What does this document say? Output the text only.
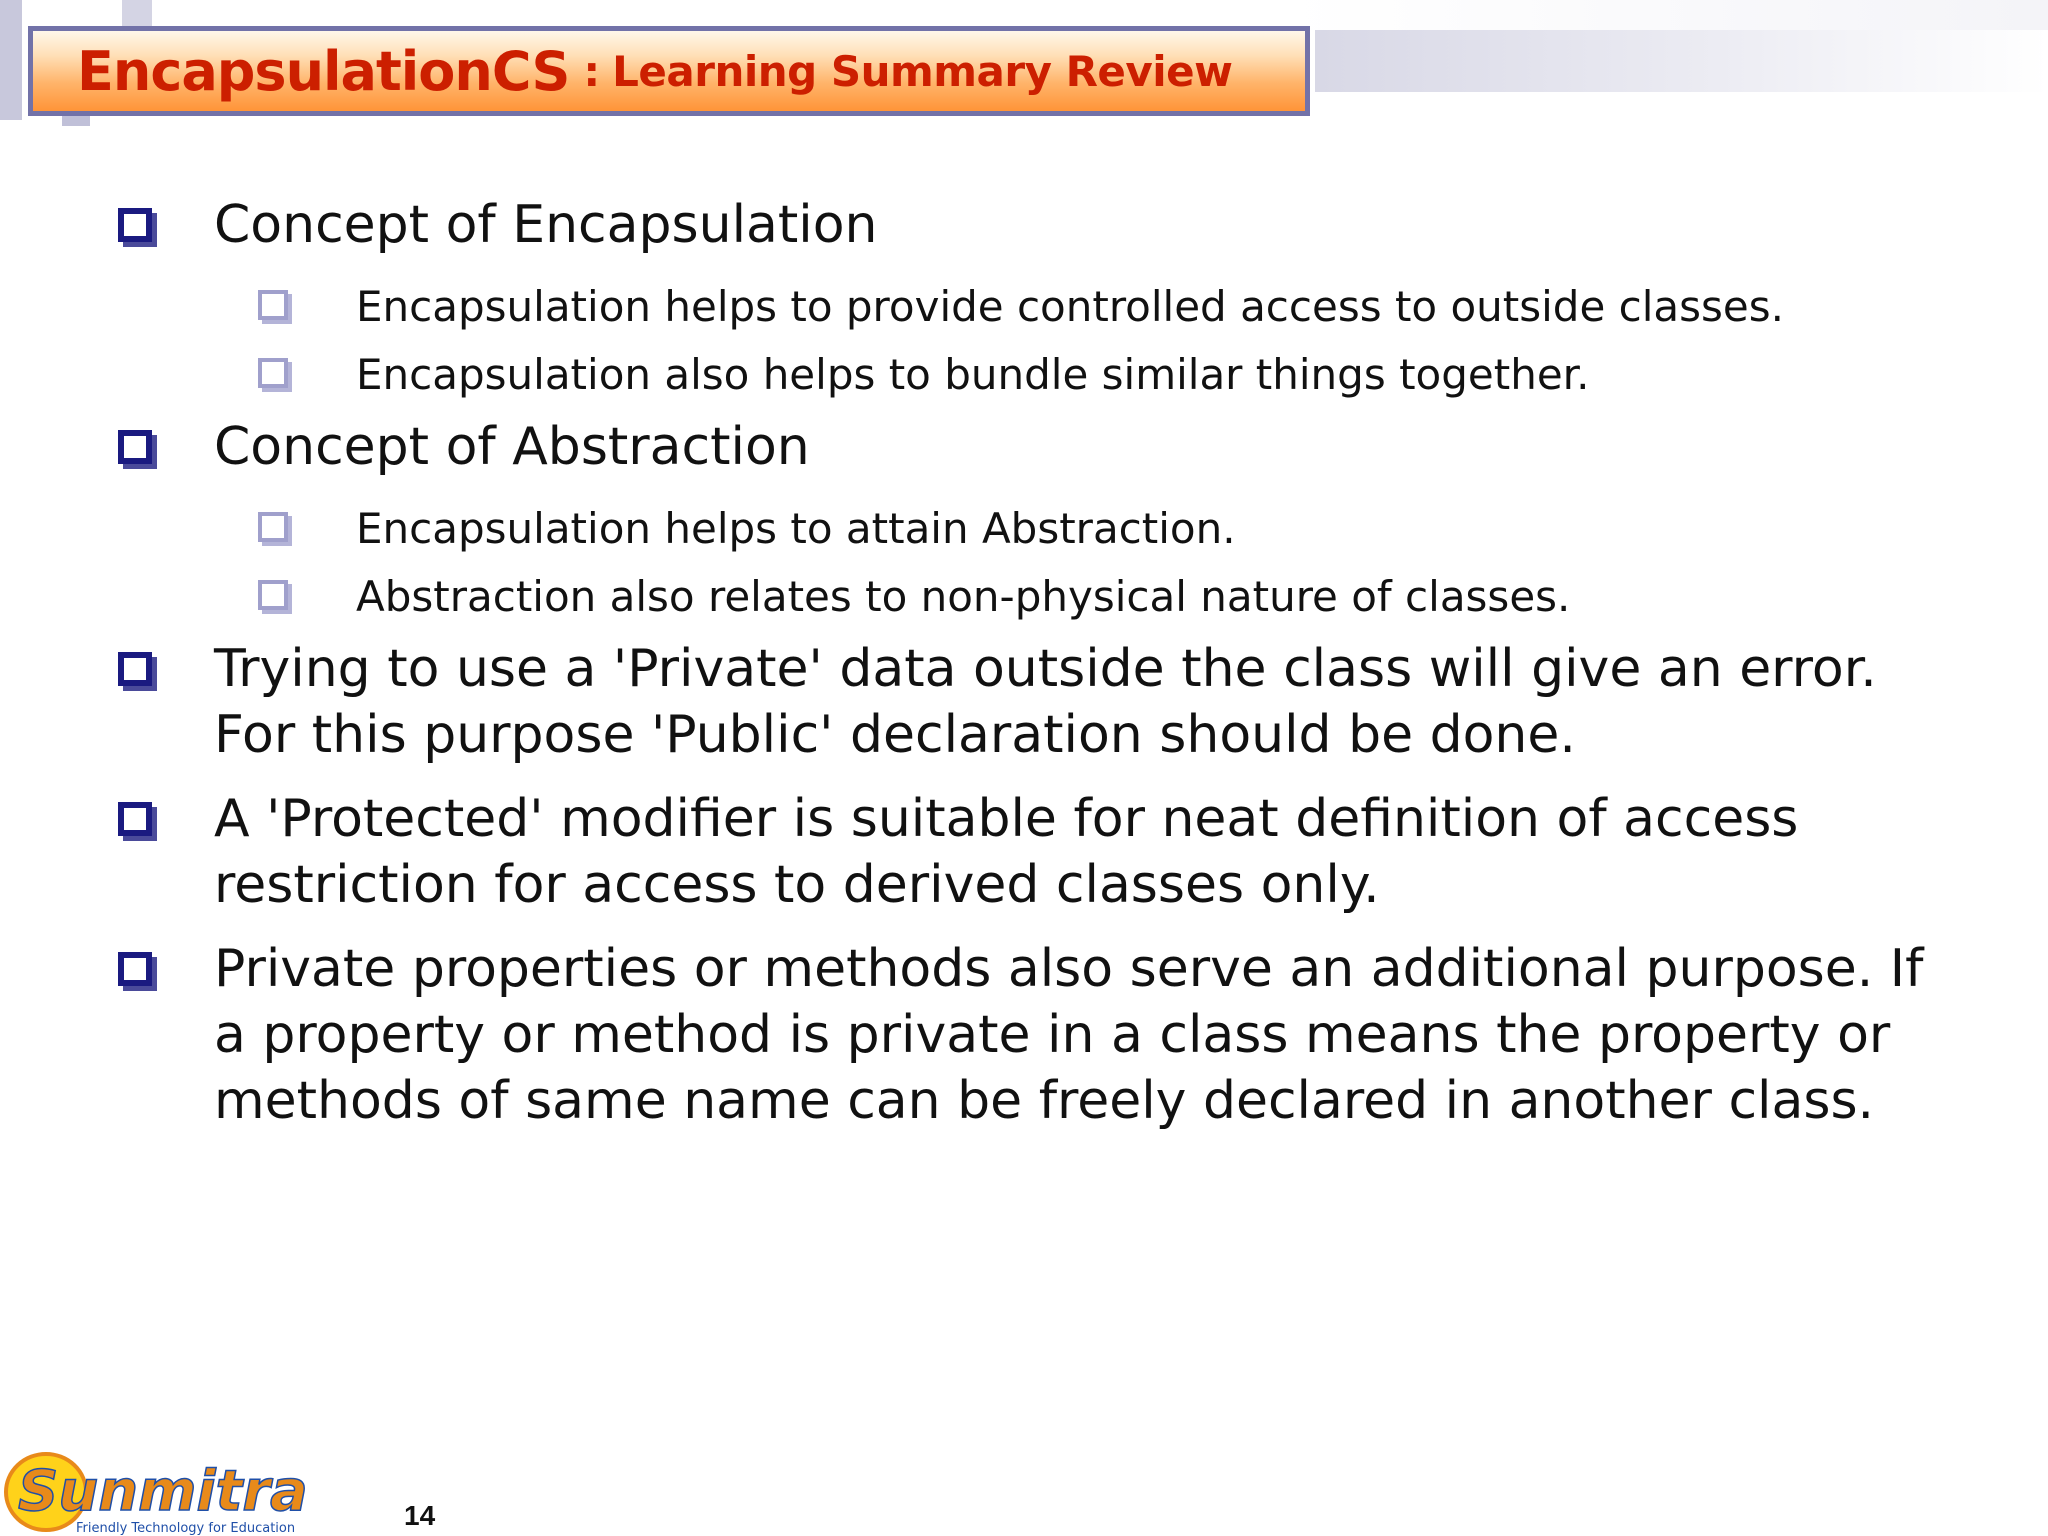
EncapsulationCS : Learning Summary Review
Concept of Encapsulation
Encapsulation helps to provide controlled access to outside classes.
Encapsulation also helps to bundle similar things together.
Concept of Abstraction
Encapsulation helps to attain Abstraction.
Abstraction also relates to non-physical nature of classes.
Trying to use a 'Private' data outside the class will give an error. For this purpose 'Public' declaration should be done.
A 'Protected' modifier is suitable for neat definition of access restriction for access to derived classes only.
Private properties or methods also serve an additional purpose. If a property or method is private in a class means the property or methods of same name can be freely declared in another class.
Sunmitra
Friendly Technology for Education	14
